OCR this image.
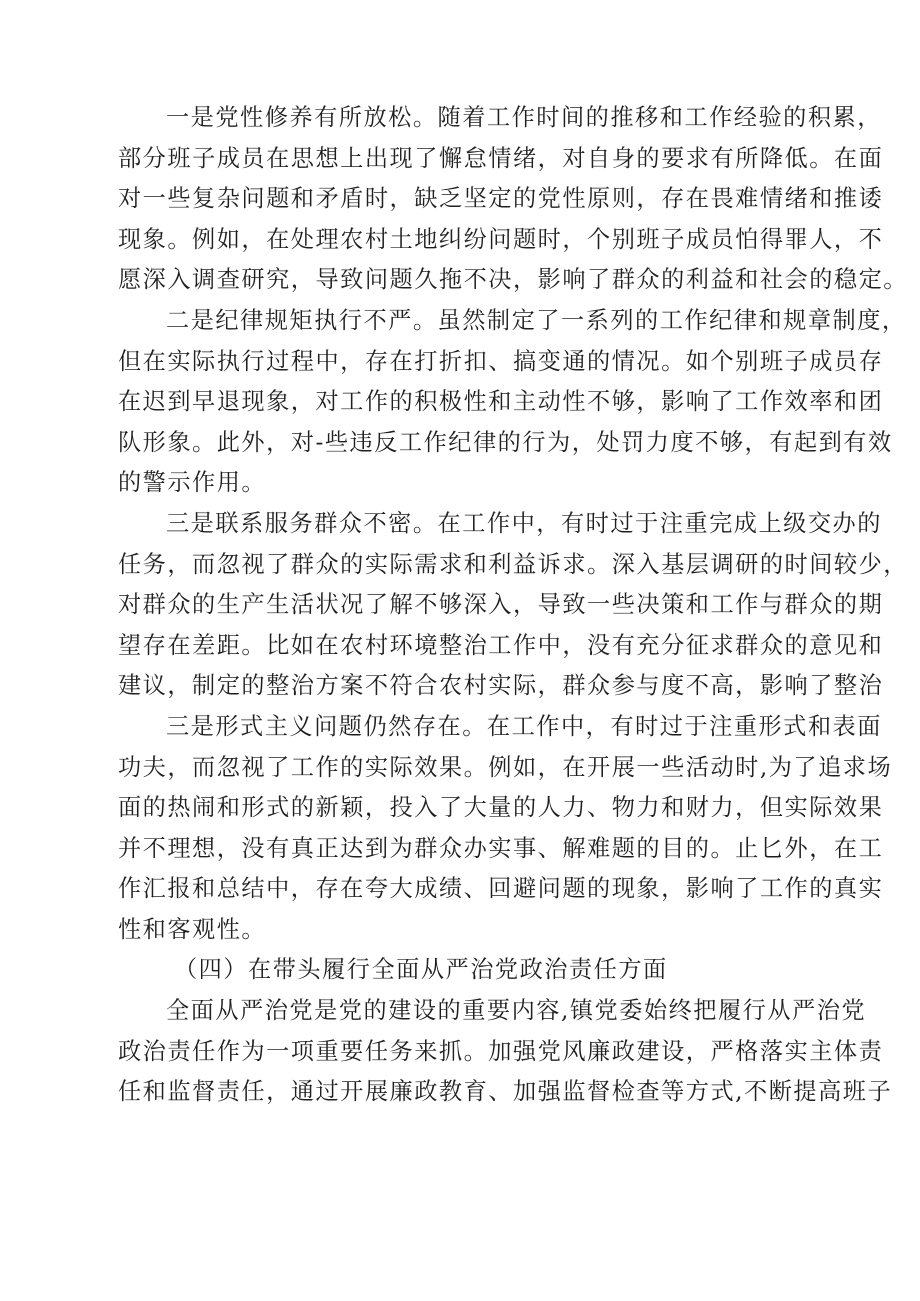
一是党性修养有所放松。随着工作时间的推移和工作经验的积累，
部分班子成员在思想上出现了懈怠情绪，对自身的要求有所降低。在面
对一些复杂问题和矛盾时，缺乏坚定的党性原则，存在畏难情绪和推诿
现象。例如，在处理农村土地纠纷问题时，个别班子成员怕得罪人，不
愿深入调查研究，导致问题久拖不决，影响了群众的利益和社会的稳定。
二是纪律规矩执行不严。虽然制定了一系列的工作纪律和规章制度，
但在实际执行过程中，存在打折扣、搞变通的情况。如个别班子成员存
在迟到早退现象，对工作的积极性和主动性不够，影响了工作效率和团
队形象。此外，对-些违反工作纪律的行为，处罚力度不够，有起到有效
的警示作用。
三是联系服务群众不密。在工作中，有时过于注重完成上级交办的
任务，而忽视了群众的实际需求和利益诉求。深入基层调研的时间较少，
对群众的生产生活状况了解不够深入，导致一些决策和工作与群众的期
望存在差距。比如在农村环境整治工作中，没有充分征求群众的意见和
建议，制定的整治方案不符合农村实际，群众参与度不高，影响了整治
三是形式主义问题仍然存在。在工作中，有时过于注重形式和表面
功夫，而忽视了工作的实际效果。例如，在开展一些活动时,为了追求场
面的热闹和形式的新颖，投入了大量的人力、物力和财力，但实际效果
并不理想，没有真正达到为群众办实事、解难题的目的。止匕外，在工
作汇报和总结中，存在夸大成绩、回避问题的现象，影响了工作的真实
性和客观性。
（四）在带头履行全面从严治党政治责任方面
全面从严治党是党的建设的重要内容,镇党委始终把履行从严治党
政治责任作为一项重要任务来抓。加强党风廉政建设，严格落实主体责
任和监督责任，通过开展廉政教育、加强监督检查等方式,不断提高班子
